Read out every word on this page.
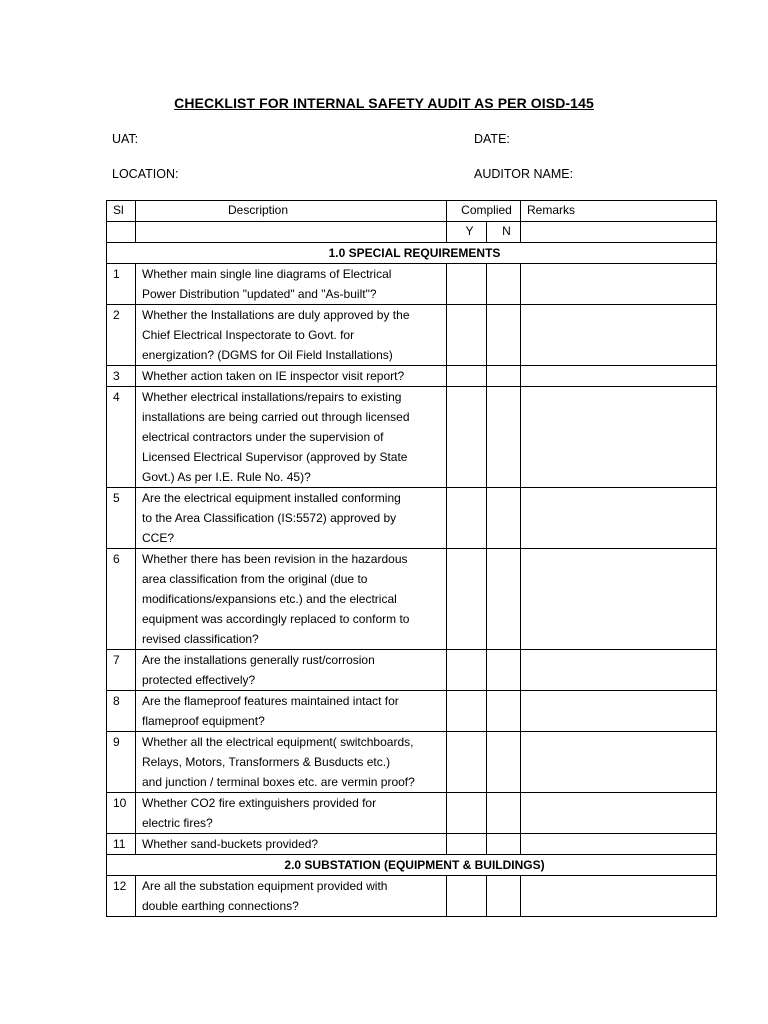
CHECKLIST FOR INTERNAL SAFETY AUDIT AS PER OISD-145
UAT:	DATE:
LOCATION:	AUDITOR NAME:
Sl	Description	Complied		Remarks
		Y	N	
1.0 SPECIAL REQUIREMENTS				
1	Whether main single line diagrams of Electrical
Power Distribution "updated" and "As-built"?			

2	Whether the Installations are duly approved by the
Chief Electrical Inspectorate to Govt. for
energization? (DGMS for Oil Field Installations)			

3	Whether action taken on IE inspector visit report?			

4	Whether electrical installations/repairs to existing
installations are being carried out through licensed
electrical contractors under the supervision of
Licensed Electrical Supervisor (approved by State
Govt.) As per I.E. Rule No. 45)?			

5	Are the electrical equipment installed conforming
to the Area Classification (IS:5572) approved by
CCE?			

6	Whether there has been revision in the hazardous
area classification from the original (due to
modifications/expansions etc.) and the electrical
equipment was accordingly replaced to conform to
revised classification?			

7	Are the installations generally rust/corrosion
protected effectively?			

8	Are the flameproof features maintained intact for
flameproof equipment?			

9	Whether all the electrical equipment( switchboards,
Relays, Motors, Transformers & Busducts etc.)
and junction / terminal boxes etc. are vermin proof?			

10	Whether CO2 fire extinguishers provided for
electric fires?			

11	Whether sand-buckets provided?			

2.0 SUBSTATION (EQUIPMENT & BUILDINGS)				
12	Are all the substation equipment provided with
double earthing connections?			
